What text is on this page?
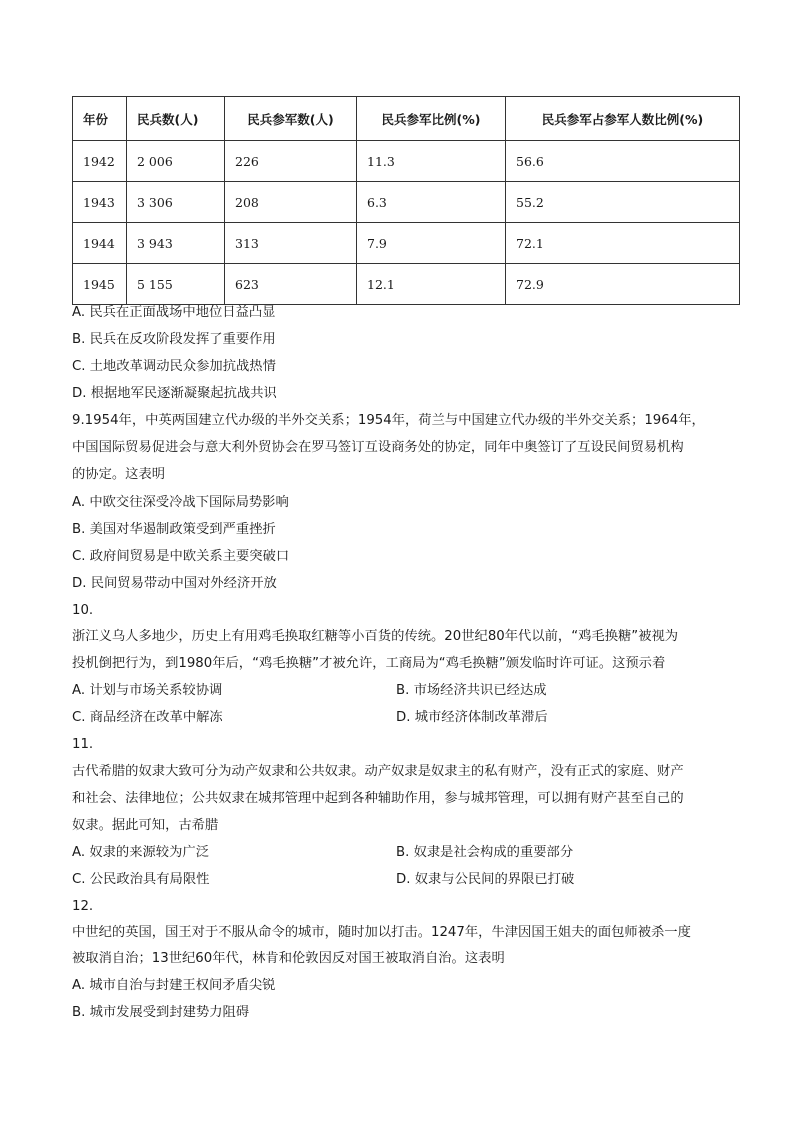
年份	民兵数(人)	民兵参军数(人)	民兵参军比例(%)	民兵参军占参军人数比例(%)
1942	2 006	226	11.3	56.6
1943	3 306	208	6.3	55.2
1944	3 943	313	7.9	72.1
1945	5 155	623	12.1	72.9
A. 民兵在正面战场中地位日益凸显
B. 民兵在反攻阶段发挥了重要作用
C. 土地改革调动民众参加抗战热情
D. 根据地军民逐渐凝聚起抗战共识
9.1954年，中英两国建立代办级的半外交关系；1954年，荷兰与中国建立代办级的半外交关系；1964年，
中国国际贸易促进会与意大利外贸协会在罗马签订互设商务处的协定，同年中奥签订了互设民间贸易机构
的协定。这表明
A. 中欧交往深受冷战下国际局势影响
B. 美国对华遏制政策受到严重挫折
C. 政府间贸易是中欧关系主要突破口
D. 民间贸易带动中国对外经济开放
10.
浙江义乌人多地少，历史上有用鸡毛换取红糖等小百货的传统。20世纪80年代以前，“鸡毛换糖”被视为
投机倒把行为，到1980年后，“鸡毛换糖”才被允许，工商局为“鸡毛换糖”颁发临时许可证。这预示着
A. 计划与市场关系较协调	B. 市场经济共识已经达成
C. 商品经济在改革中解冻	D. 城市经济体制改革滞后
11.
古代希腊的奴隶大致可分为动产奴隶和公共奴隶。动产奴隶是奴隶主的私有财产，没有正式的家庭、财产
和社会、法律地位；公共奴隶在城邦管理中起到各种辅助作用，参与城邦管理，可以拥有财产甚至自己的
奴隶。据此可知，古希腊
A. 奴隶的来源较为广泛	B. 奴隶是社会构成的重要部分
C. 公民政治具有局限性	D. 奴隶与公民间的界限已打破
12.
中世纪的英国，国王对于不服从命令的城市，随时加以打击。1247年，牛津因国王姐夫的面包师被杀一度
被取消自治；13世纪60年代，林肯和伦敦因反对国王被取消自治。这表明
A. 城市自治与封建王权间矛盾尖锐
B. 城市发展受到封建势力阻碍
